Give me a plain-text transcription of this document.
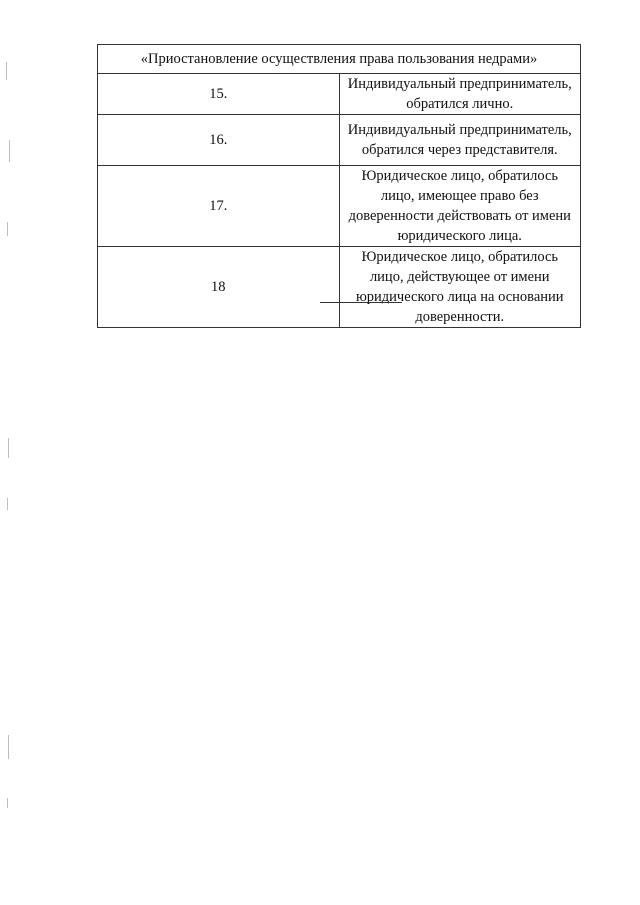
«Приостановление осуществления права пользования недрами»	
15.	Индивидуальный предприниматель, обратился лично.
16.	Индивидуальный предприниматель, обратился через представителя.
17.	Юридическое лицо, обратилось лицо, имеющее право без доверенности действовать от имени юридического лица.
18	Юридическое лицо, обратилось лицо, действующее от имени юридического лица на основании доверенности.
